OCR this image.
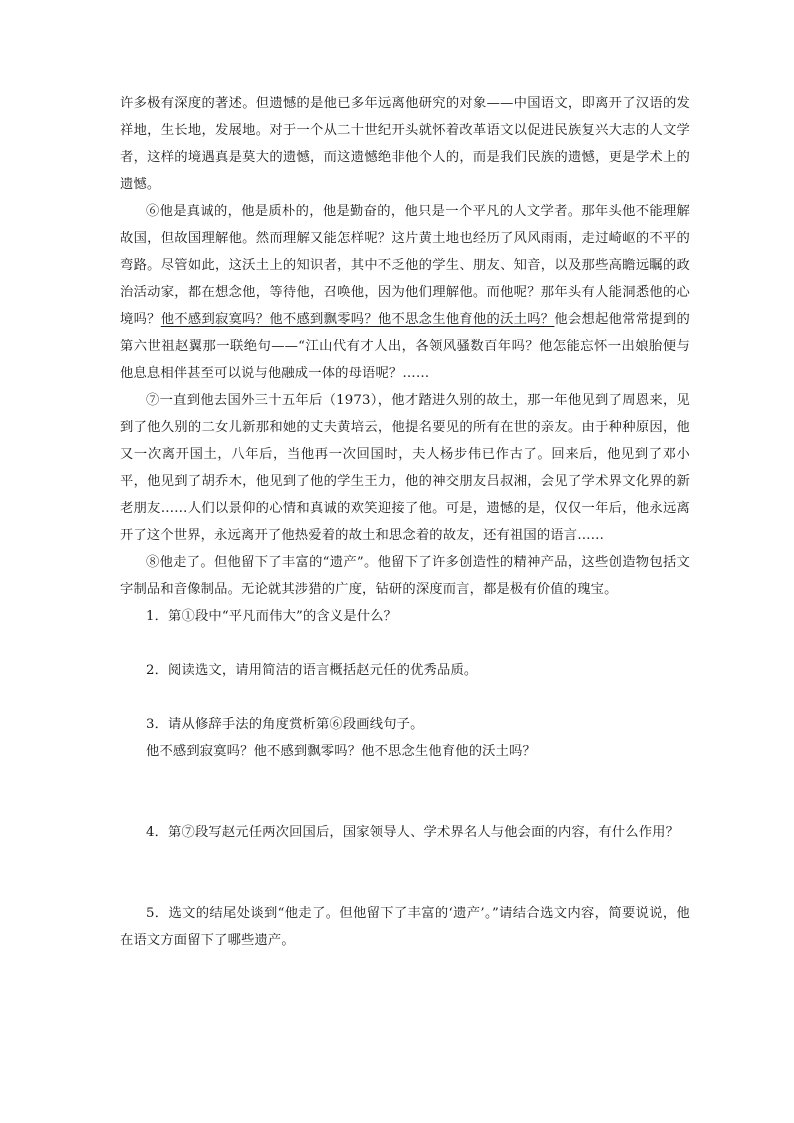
许多极有深度的著述。但遗憾的是他已多年远离他研究的对象——中国语文，即离开了汉语的发祥地，生长地，发展地。对于一个从二十世纪开头就怀着改革语文以促进民族复兴大志的人文学者，这样的境遇真是莫大的遗憾，而这遗憾绝非他个人的，而是我们民族的遗憾，更是学术上的遗憾。

⑥他是真诚的，他是质朴的，他是勤奋的，他只是一个平凡的人文学者。那年头他不能理解故国，但故国理解他。然而理解又能怎样呢？这片黄土地也经历了风风雨雨，走过崎岖的不平的弯路。尽管如此，这沃土上的知识者，其中不乏他的学生、朋友、知音，以及那些高瞻远瞩的政治活动家，都在想念他，等待他，召唤他，因为他们理解他。而他呢？那年头有人能洞悉他的心境吗？他不感到寂寞吗？他不感到飘零吗？他不思念生他育他的沃土吗？他会想起他常常提到的第六世祖赵翼那一联绝句——“江山代有才人出，各领风骚数百年吗？他怎能忘怀一出娘胎便与他息息相伴甚至可以说与他融成一体的母语呢？……

⑦一直到他去国外三十五年后（1973），他才踏进久别的故土，那一年他见到了周恩来，见到了他久别的二女儿新那和她的丈夫黄培云，他提名要见的所有在世的亲友。由于种种原因，他又一次离开国土，八年后，当他再一次回国时，夫人杨步伟已作古了。回来后，他见到了邓小平，他见到了胡乔木，他见到了他的学生王力，他的神交朋友吕叔湘，会见了学术界文化界的新老朋友……人们以景仰的心情和真诚的欢笑迎接了他。可是，遗憾的是，仅仅一年后，他永远离开了这个世界，永远离开了他热爱着的故土和思念着的故友，还有祖国的语言……

⑧他走了。但他留下了丰富的“遗产”。他留下了许多创造性的精神产品，这些创造物包括文字制品和音像制品。无论就其涉猎的广度，钻研的深度而言，都是极有价值的瑰宝。

1．第①段中“平凡而伟大”的含义是什么？

2．阅读选文，请用简洁的语言概括赵元任的优秀品质。

3．请从修辞手法的角度赏析第⑥段画线句子。

他不感到寂寞吗？他不感到飘零吗？他不思念生他育他的沃土吗？

4．第⑦段写赵元任两次回国后，国家领导人、学术界名人与他会面的内容，有什么作用？

5．选文的结尾处谈到“他走了。但他留下了丰富的‘遗产’。”请结合选文内容，简要说说，他在语文方面留下了哪些遗产。
